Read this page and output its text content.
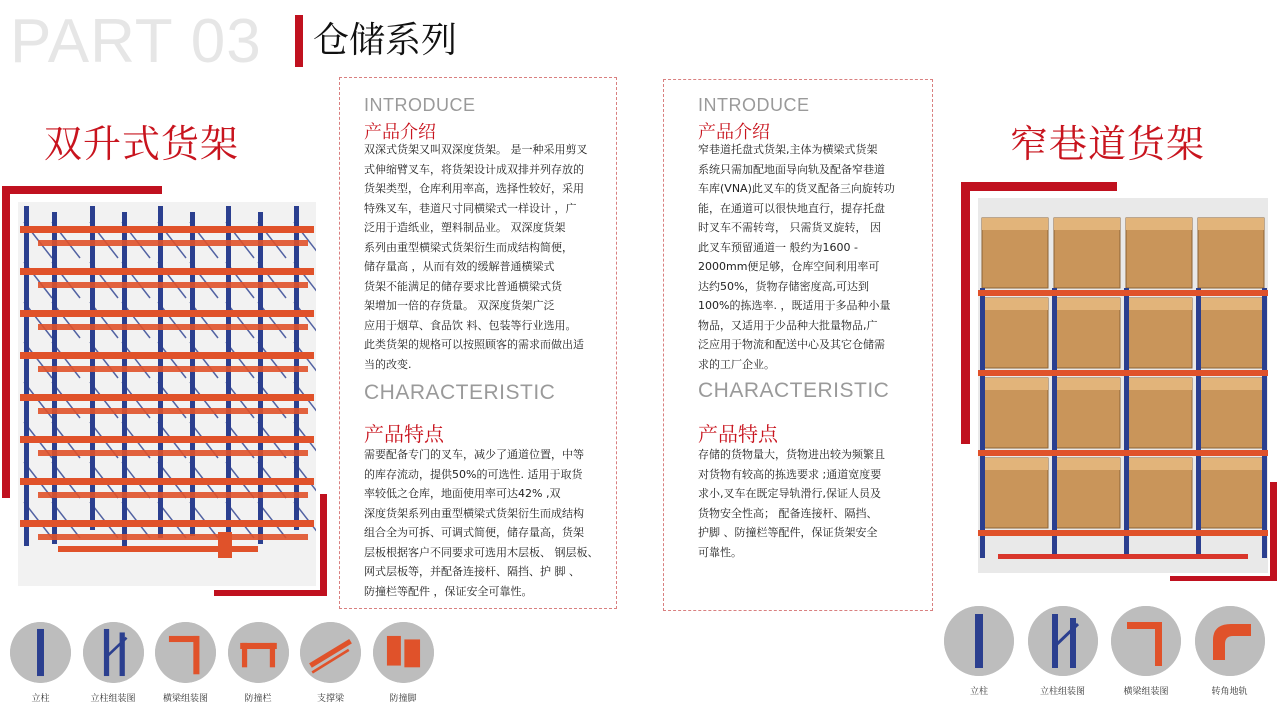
PART 03 仓储系列
双升式货架
INTRODUCE
产品介绍
双深式货架又叫双深度货架。 是一种采用剪叉
式伸缩臂叉车，将货架设计成双排并列存放的
货架类型，仓库利用率高，选择性较好，采用
特殊叉车，巷道尺寸同横梁式一样设计 ，广
泛用于造纸业，塑料制品业。 双深度货架
系列由重型横梁式货架衍生而成结构简便，
储存量高 ，从而有效的缓解普通横梁式
货架不能满足的储存要求比普通横梁式货
架增加一倍的存货量。 双深度货架广泛
应用于烟草、食品饮 料、包装等行业选用。
此类货架的规格可以按照顾客的需求而做出适
当的改变.
CHARACTERISTIC
产品特点
需要配备专门的叉车，减少了通道位置，中等
的库存流动，提供50%的可选性. 适用于取货
率较低之仓库，地面使用率可达42% ,双
深度货架系列由重型横梁式货架衍生而成结构
组合全为可拆、可调式简便，储存量高，货架
层板根据客户不同要求可选用木层板、 钢层板、
网式层板等，并配备连接杆、隔挡、护 脚 、
防撞栏等配件 ，保证安全可靠性。
INTRODUCE
产品介绍
窄巷道托盘式货架,主体为横梁式货架
系统只需加配地面导向轨及配备窄巷道
车库(VNA)此叉车的货叉配备三向旋转功
能，在通道可以很快地直行，提存托盘
时叉车不需转弯， 只需货叉旋转， 因
此叉车预留通道一 般约为1600 -
2000mm便足够，仓库空间利用率可
达约50%，货物存储密度高,可达到
100%的拣选率. ，既适用于多品种小量
物品，又适用于少品种大批量物品,广
泛应用于物流和配送中心及其它仓储需
求的工厂企业。
CHARACTERISTIC
产品特点
存储的货物量大，货物进出较为频繁且
对货物有较高的拣选要求 ;通道宽度要
求小,叉车在既定导轨滑行,保证人员及
货物安全性高； 配备连接杆、隔挡、
护脚 、防撞栏等配件，保证货架安全
可靠性。
窄巷道货架
立柱	立柱组装图	横梁组装图	防撞栏	支撑梁	防撞脚
立柱	立柱组装图	横梁组装图	转角地轨
